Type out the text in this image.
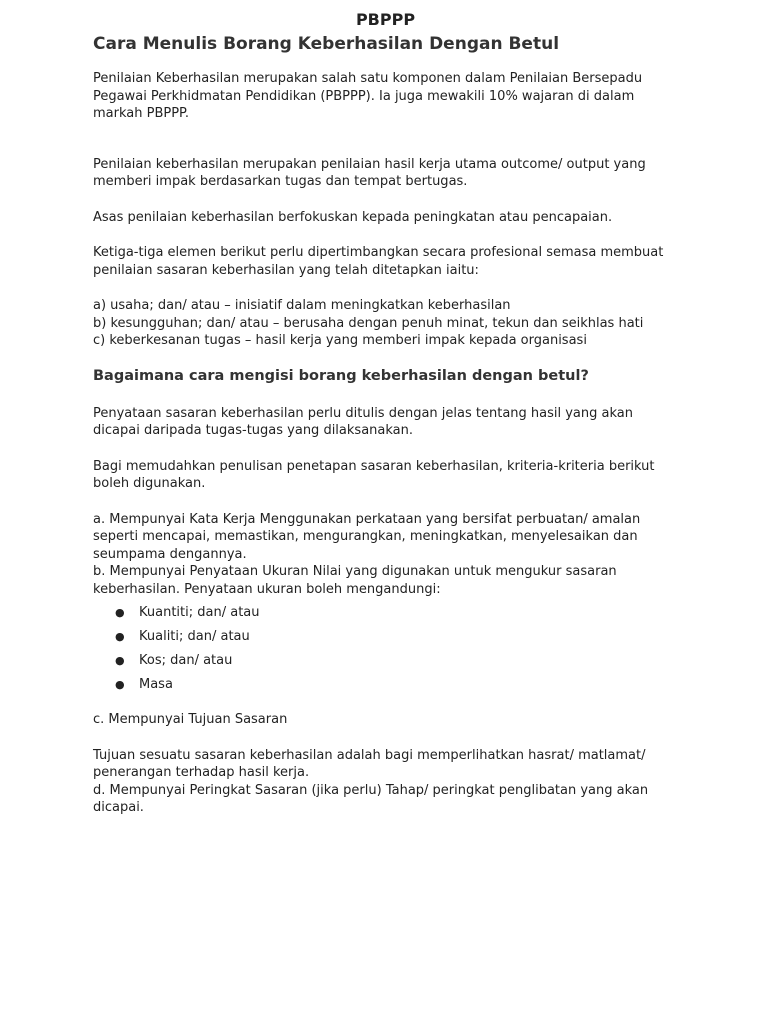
PBPPP
Cara Menulis Borang Keberhasilan Dengan Betul

Penilaian Keberhasilan merupakan salah satu komponen dalam Penilaian Bersepadu Pegawai Perkhidmatan Pendidikan (PBPPP). Ia juga mewakili 10% wajaran di dalam markah PBPPP.

Penilaian keberhasilan merupakan penilaian hasil kerja utama outcome/ output yang memberi impak berdasarkan tugas dan tempat bertugas.

Asas penilaian keberhasilan berfokuskan kepada peningkatan atau pencapaian.

Ketiga-tiga elemen berikut perlu dipertimbangkan secara profesional semasa membuat penilaian sasaran keberhasilan yang telah ditetapkan iaitu:

a) usaha; dan/ atau – inisiatif dalam meningkatkan keberhasilan

b) kesungguhan; dan/ atau – berusaha dengan penuh minat, tekun dan seikhlas hati

c) keberkesanan tugas – hasil kerja yang memberi impak kepada organisasi

Bagaimana cara mengisi borang keberhasilan dengan betul?

Penyataan sasaran keberhasilan perlu ditulis dengan jelas tentang hasil yang akan dicapai daripada tugas-tugas yang dilaksanakan.

Bagi memudahkan penulisan penetapan sasaran keberhasilan, kriteria-kriteria berikut boleh digunakan.

a. Mempunyai Kata Kerja Menggunakan perkataan yang bersifat perbuatan/ amalan seperti mencapai, memastikan, mengurangkan, meningkatkan, menyelesaikan dan seumpama dengannya.

b. Mempunyai Penyataan Ukuran Nilai yang digunakan untuk mengukur sasaran keberhasilan. Penyataan ukuran boleh mengandungi:

● Kuantiti; dan/ atau
● Kualiti; dan/ atau
● Kos; dan/ atau
● Masa

c. Mempunyai Tujuan Sasaran

Tujuan sesuatu sasaran keberhasilan adalah bagi memperlihatkan hasrat/ matlamat/ penerangan terhadap hasil kerja.

d. Mempunyai Peringkat Sasaran (jika perlu) Tahap/ peringkat penglibatan yang akan dicapai.
